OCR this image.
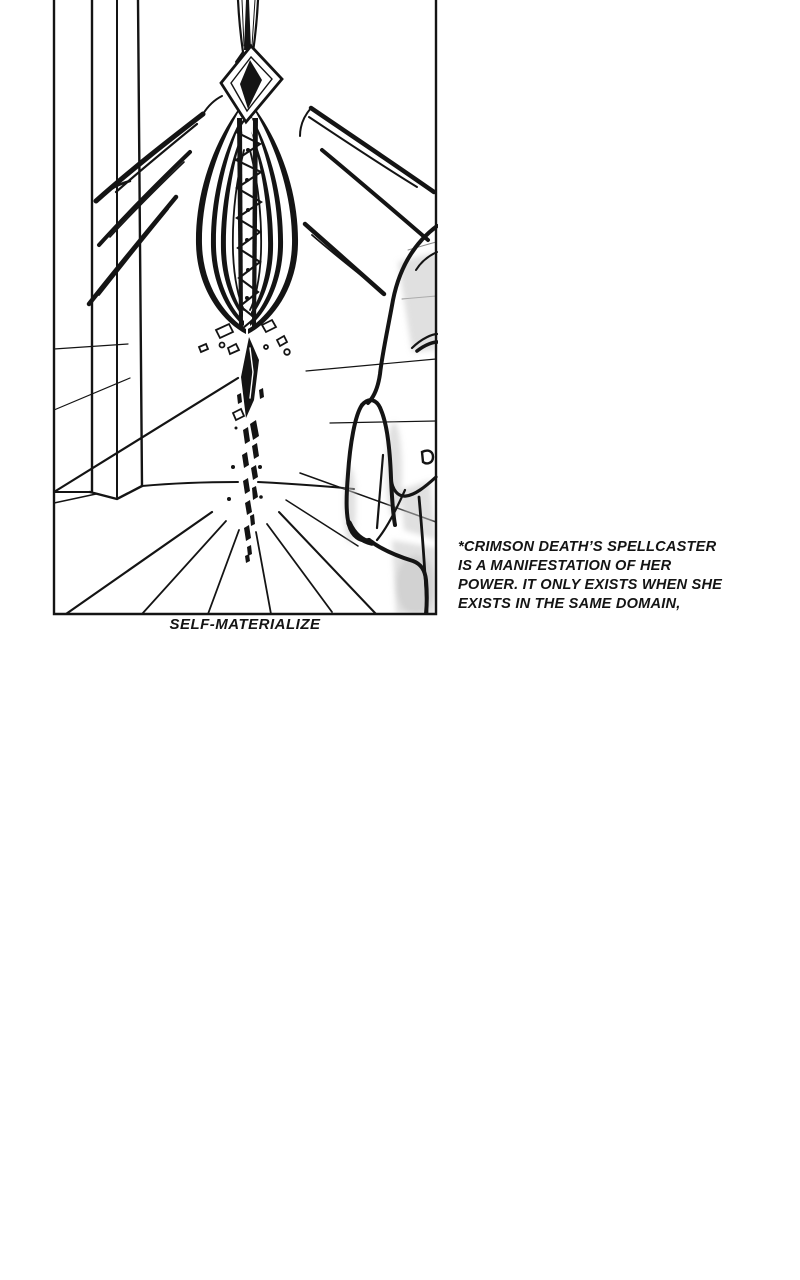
SELF-MATERIALIZE
*CRIMSON DEATH’S SPELLCASTER
IS A MANIFESTATION OF HER
POWER. IT ONLY EXISTS WHEN SHE
EXISTS IN THE SAME DOMAIN,
